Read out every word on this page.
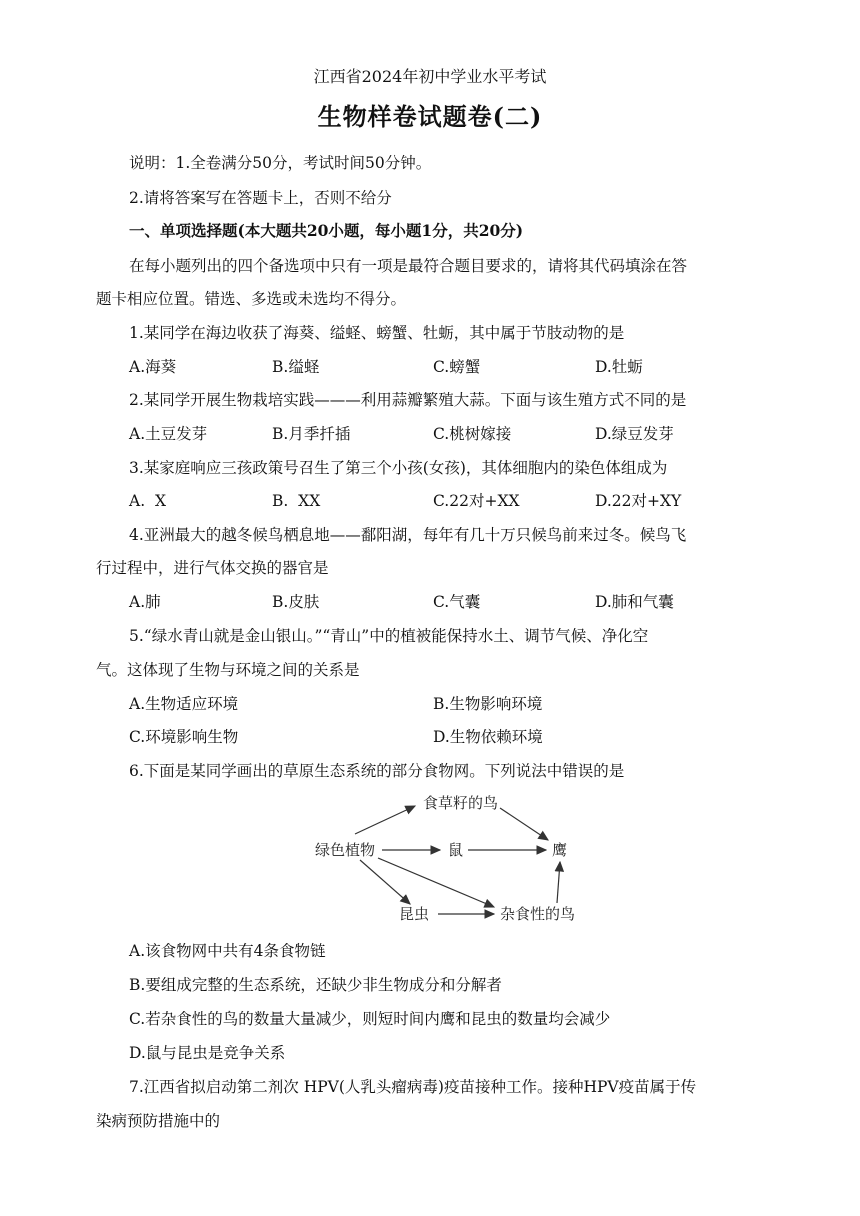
江西省2024年初中学业水平考试
生物样卷试题卷(二)
说明：1.全卷满分50分，考试时间50分钟。
2.请将答案写在答题卡上，否则不给分
一、单项选择题(本大题共20小题，每小题1分，共20分)
在每小题列出的四个备选项中只有一项是最符合题目要求的，请将其代码填涂在答
题卡相应位置。错选、多选或未选均不得分。
1.某同学在海边收获了海葵、缢蛏、螃蟹、牡蛎，其中属于节肢动物的是
A.海葵	B.缢蛏	C.螃蟹	D.牡蛎
2.某同学开展生物栽培实践———利用蒜瓣繁殖大蒜。下面与该生殖方式不同的是
A.土豆发芽	B.月季扦插	C.桃树嫁接	D.绿豆发芽
3.某家庭响应三孩政策号召生了第三个小孩(女孩)，其体细胞内的染色体组成为
A.  X	B.  XX	C.22对+XX	D.22对+XY
4.亚洲最大的越冬候鸟栖息地——鄱阳湖，每年有几十万只候鸟前来过冬。候鸟飞
行过程中，进行气体交换的器官是
A.肺	B.皮肤	C.气囊	D.肺和气囊
5.“绿水青山就是金山银山。”“青山”中的植被能保持水土、调节气候、净化空
气。这体现了生物与环境之间的关系是
A.生物适应环境	B.生物影响环境
C.环境影响生物	D.生物依赖环境
6.下面是某同学画出的草原生态系统的部分食物网。下列说法中错误的是
绿色植物
食草籽的鸟
鼠	鹰
昆虫	杂食性的鸟
A.该食物网中共有4条食物链
B.要组成完整的生态系统，还缺少非生物成分和分解者
C.若杂食性的鸟的数量大量减少，则短时间内鹰和昆虫的数量均会减少
D.鼠与昆虫是竞争关系
7.江西省拟启动第二剂次 HPV(人乳头瘤病毒)疫苗接种工作。接种HPV疫苗属于传
染病预防措施中的
